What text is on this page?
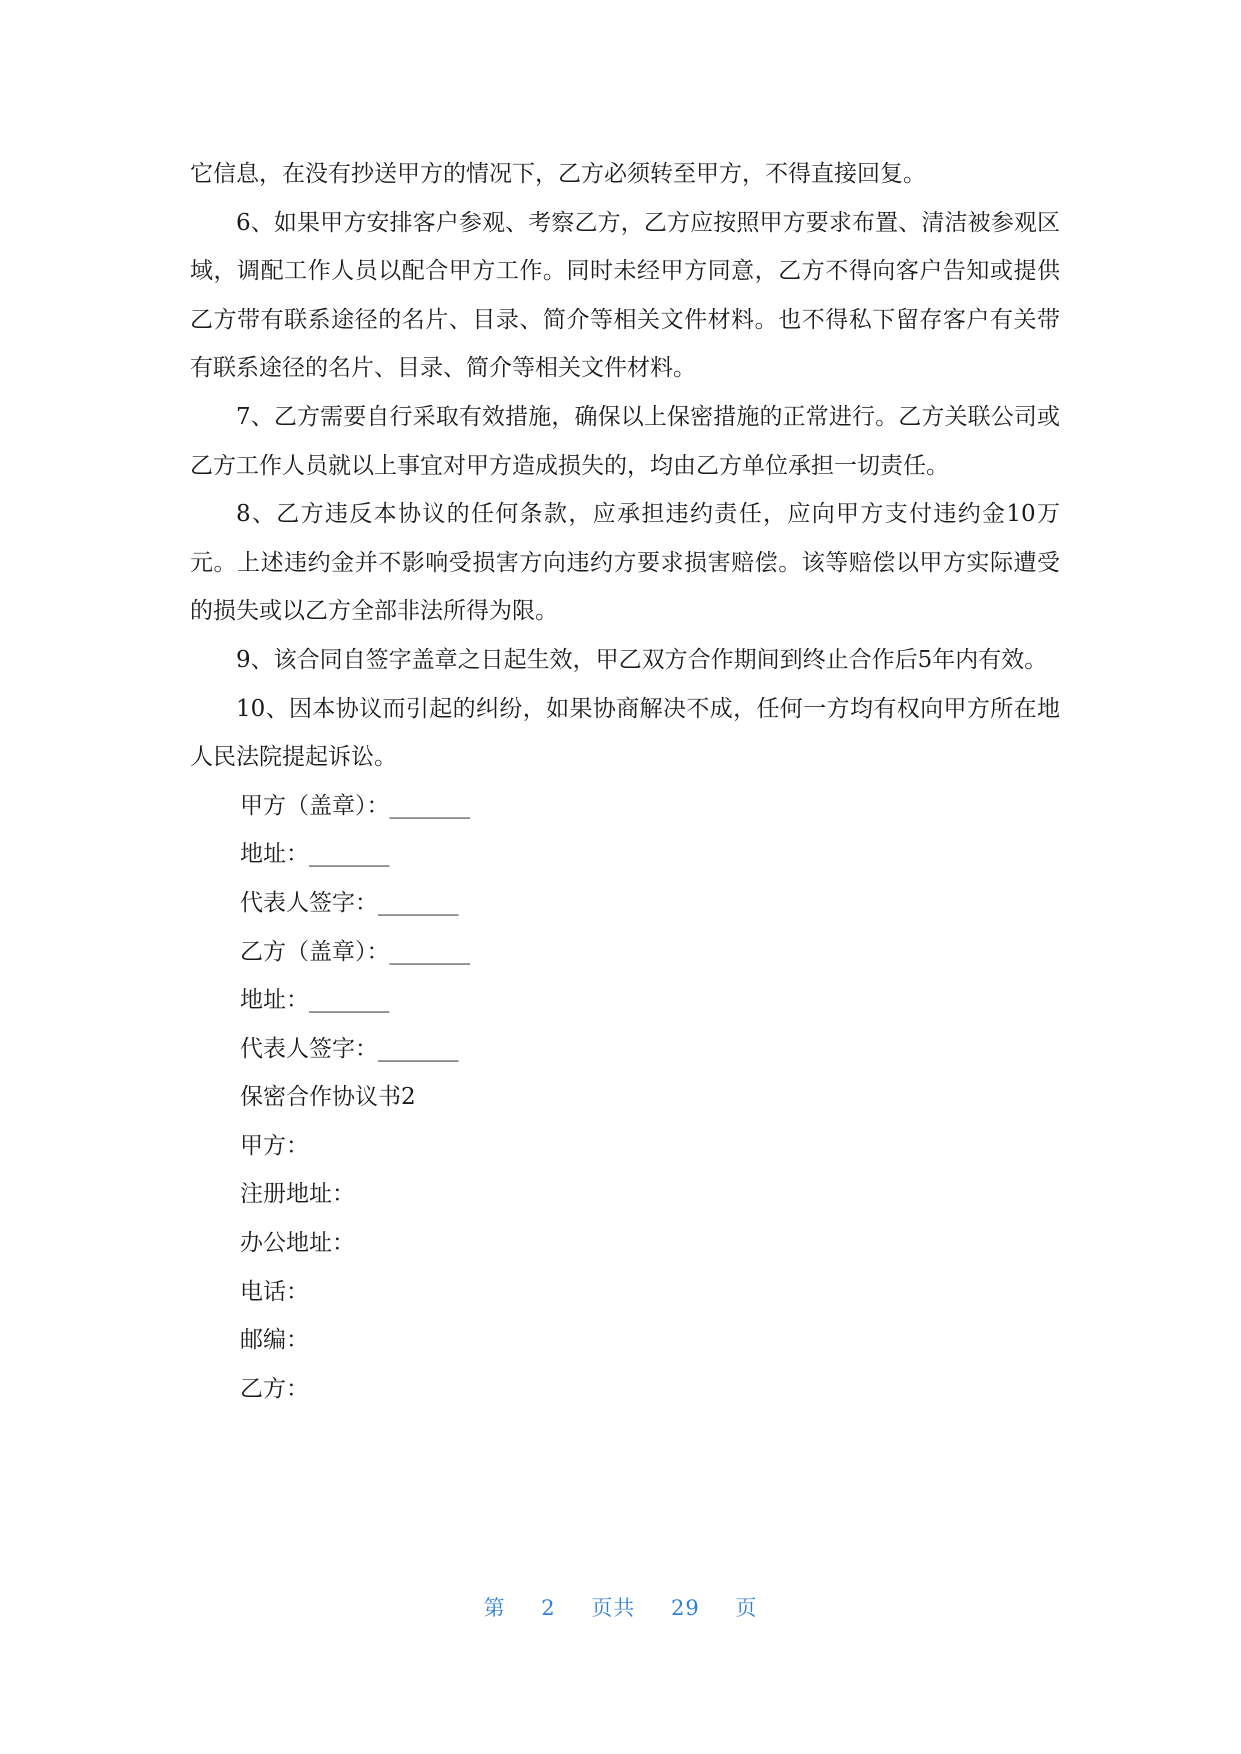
它信息，在没有抄送甲方的情况下，乙方必须转至甲方，不得直接回复。

6、如果甲方安排客户参观、考察乙方，乙方应按照甲方要求布置、清洁被参观区域，调配工作人员以配合甲方工作。同时未经甲方同意，乙方不得向客户告知或提供乙方带有联系途径的名片、目录、简介等相关文件材料。也不得私下留存客户有关带有联系途径的名片、目录、简介等相关文件材料。

7、乙方需要自行采取有效措施，确保以上保密措施的正常进行。乙方关联公司或乙方工作人员就以上事宜对甲方造成损失的，均由乙方单位承担一切责任。

8、乙方违反本协议的任何条款，应承担违约责任，应向甲方支付违约金10万元。上述违约金并不影响受损害方向违约方要求损害赔偿。该等赔偿以甲方实际遭受的损失或以乙方全部非法所得为限。

9、该合同自签字盖章之日起生效，甲乙双方合作期间到终止合作后5年内有效。

10、因本协议而引起的纠纷，如果协商解决不成，任何一方均有权向甲方所在地人民法院提起诉讼。

甲方（盖章）：_______

地址：_______

代表人签字：_______

乙方（盖章）：_______

地址：_______

代表人签字：_______

保密合作协议书2

甲方：

注册地址：

办公地址：

电话：

邮编：

乙方：

第 2 页共 29 页
